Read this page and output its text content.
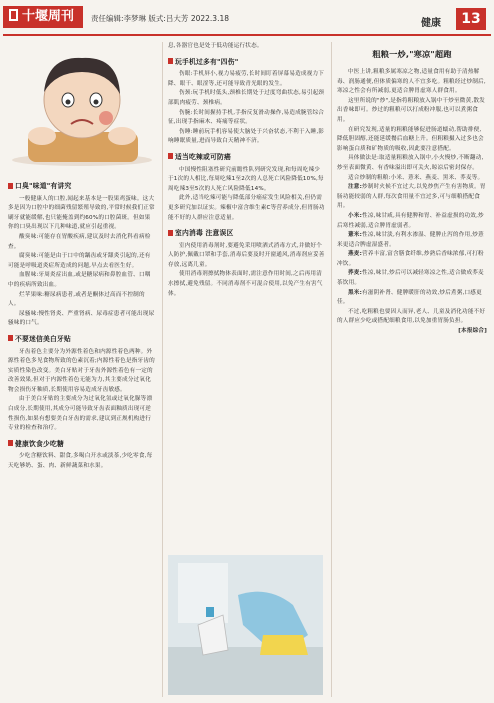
十堰周刊	责任编辑:李梦琳 版式:吕大芳 2022.3.18	健康	13
口臭"味道"有讲究

一般健康人的口腔,闻起来基本是一股果鸡蛋味。这大多是因为口腔中的细菌残留繁殖导致的,平常时候我们正常刷牙就能缓解,也只能掩盖到约60%的口腔菌斑。但如果你的口臭出现以下几种味道,就应引起重视。

酸臭味:可能存在胃酸疾病,建议及时去消化科看病检查。

腐臭味:可能是由于口中的龋齿或牙龈炎引起的,还有可能是呼吸道炎症所造成的问题,早点去看医生好。

血腥味:牙周炎症出血,或是糖尿病和鼻腔血管、口咽中的疾病所致出血。

烂苹果味:糖尿病患者,或者是酮体过高而不控制的人。

尿骚味:慢性肾炎、严重肾病、尿毒症患者可能出现尿骚味的口气。

不要迷信美白牙贴

牙齿着色主要分为外源性着色和内源性着色两种。外源性着色多见食物所致的色素沉着;内源性着色是指牙齿的实质性染色改变。美白牙贴对于牙齿外源性着色有一定的改善效果,但对于内源性着色无能为力,其主要成分过氧化物会损伤牙釉质,长期使用容易造成牙齿敏感。

由于美白牙贴的主要成分为过氧化氢或过氧化脲等漂白成分,长期使用,其成分可能导致牙齿表面釉质出现可逆性损伤,如果有想要美白牙齿的需求,建议到正规机构进行专业的检查和治疗。

健康饮食少吃糖

少吃含糖饮料、甜食,多喝白开水或淡茶,少吃零食,每天吃够奶、蛋、肉、新鲜蔬菜和水果。

息,各器官也是处于低功能运行状态。

玩手机过多有"四伤"

伤眼:手机屏小,视力易疲劳,长时间盯着屏幕易造成视力下降、眼干、眼涩等,还可能导致青光眼的发生。

伤颈:玩手机时低头,颈椎长期处于过度弯曲状态,易引起颈部肌肉疲劳、颈椎病。

伤腕:长时间握持手机,手指反复滑动操作,易造成腕管综合征,出现手指麻木、疼痛等症状。

伤睡:睡前玩手机容易使大脑处于兴奋状态,不利于入睡,影响睡眠质量,进而导致白天精神不济。

适当吃辣或可防癌

中国慢性阻塞性研究前瞻性队列研究发现,和每周吃辣少于1次的人相比,每周吃辣1至2次的人总死亡风险降低10%,每周吃辣3至5次的人死亡风险降低14%。

此外,适当吃辣可能与降低部分癌症发生风险相关,但仍需更多研究加以证实。辣椒中富含维生素C等营养成分,但胃肠功能不好的人群应注意适量。

室内消毒 注意误区

室内使用消毒剂时,要避免采用喷洒式消毒方式,并做好个人防护,佩戴口罩和手套,消毒后要及时开窗通风,消毒剂应妥善存放,远离儿童。

使用消毒剂擦拭物体表面时,需注意作用时间,之后再用清水擦拭,避免残留。不同消毒剂不可混合使用,以免产生有害气体。

粗粮一炒,"寒凉"超跑

中医上讲,粗粮多属寒凉之物,适量食用有助于清热解毒、润肠通便,但体质偏寒的人不宜多吃。粗粮经过炒制后,寒凉之性会有所减弱,更适合脾胃虚寒人群食用。

这里所说的"炒",是指将粗粮放入锅中干炒至微黄,散发出香味即可。炒过的粗粮可以打成粉冲服,也可以煮粥食用。

在研究发现,适量的粗粮能够促进肠道蠕动,帮助排便,降低胆固醇,还能延缓餐后血糖上升。但粗粮摄入过多也会影响蛋白质和矿物质的吸收,因此要注意搭配。

具体做法是:取适量粗粮放入锅中,小火慢炒,不断翻动,炒至表面微黄、有香味溢出即可关火,晾凉后密封保存。

适合炒制的粗粮:小米、薏米、燕麦、黑米、荞麦等。

注意:炒制时火候不宜过大,以免炒焦产生有害物质。胃肠功能较弱的人群,每次食用量不宜过多,可与细粮搭配食用。

小米:性凉,味甘咸,具有健脾和胃、补益虚损的功效,炒后寒性减弱,适合脾胃虚弱者。

薏米:性凉,味甘淡,有利水渗湿、健脾止泻的作用,炒薏米更适合脾虚湿盛者。

燕麦:营养丰富,富含膳食纤维,炒熟后香味浓郁,可打粉冲饮。

荞麦:性凉,味甘,炒后可以减轻寒凉之性,适合做成荞麦茶饮用。

黑米:有滋阴补肾、健脾暖肝的功效,炒后煮粥,口感更佳。

不过,吃粗粮也要因人而异,老人、儿童及消化功能不好的人群应少吃或搭配细粮食用,以免加重胃肠负担。

[本报综合]
